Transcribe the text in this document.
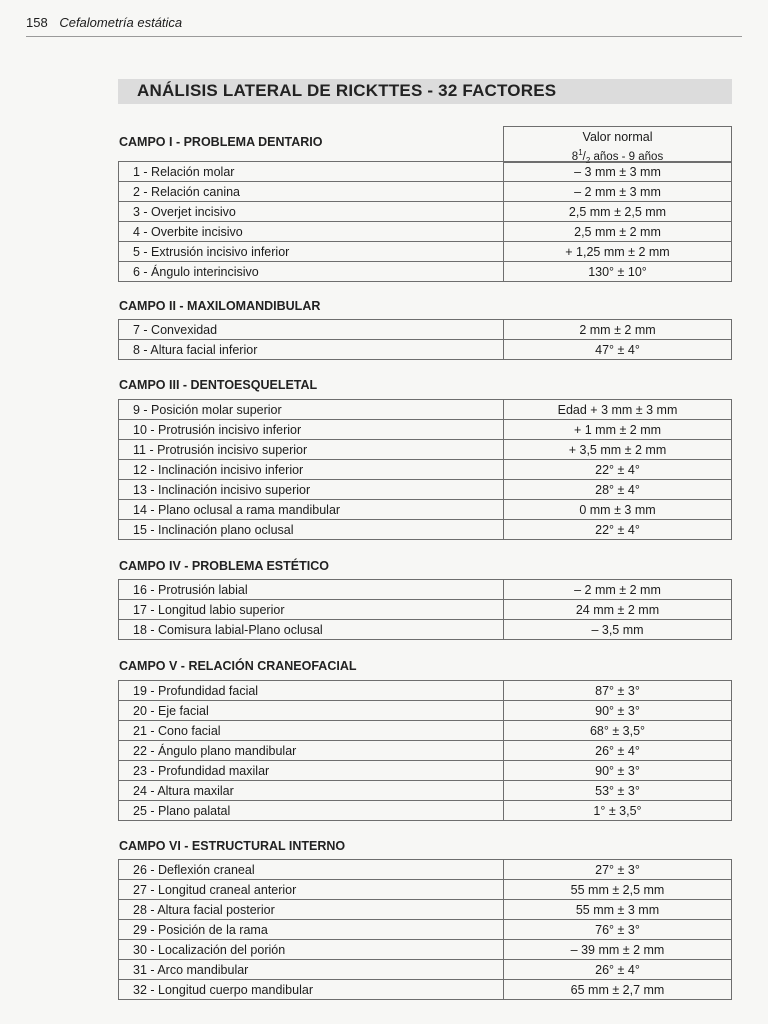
158 Cefalometría estática
ANÁLISIS LATERAL DE RICKTTES - 32 FACTORES
CAMPO I - PROBLEMA DENTARIO	Valor normal
$8^1/_2$ años - 9 años
1 - Relación molar	– 3 mm ± 3 mm
2 - Relación canina	– 2 mm ± 3 mm
3 - Overjet incisivo	2,5 mm ± 2,5 mm
4 - Overbite incisivo	2,5 mm ± 2 mm
5 - Extrusión incisivo inferior	+ 1,25 mm ± 2 mm
6 - Ángulo interincisivo	130° ± 10°
CAMPO II - MAXILOMANDIBULAR
7 - Convexidad	2 mm ± 2 mm
8 - Altura facial inferior	47° ± 4°
CAMPO III - DENTOESQUELETAL
9 - Posición molar superior	Edad + 3 mm ± 3 mm
10 - Protrusión incisivo inferior	+ 1 mm ± 2 mm
11 - Protrusión incisivo superior	+ 3,5 mm ± 2 mm
12 - Inclinación incisivo inferior	22° ± 4°
13 - Inclinación incisivo superior	28° ± 4°
14 - Plano oclusal a rama mandibular	0 mm ± 3 mm
15 - Inclinación plano oclusal	22° ± 4°
CAMPO IV - PROBLEMA ESTÉTICO
16 - Protrusión labial	– 2 mm ± 2 mm
17 - Longitud labio superior	24 mm ± 2 mm
18 - Comisura labial-Plano oclusal	– 3,5 mm
CAMPO V - RELACIÓN CRANEOFACIAL
19 - Profundidad facial	87° ± 3°
20 - Eje facial	90° ± 3°
21 - Cono facial	68° ± 3,5°
22 - Ángulo plano mandibular	26° ± 4°
23 - Profundidad maxilar	90° ± 3°
24 - Altura maxilar	53° ± 3°
25 - Plano palatal	1° ± 3,5°
CAMPO VI - ESTRUCTURAL INTERNO
26 - Deflexión craneal	27° ± 3°
27 - Longitud craneal anterior	55 mm ± 2,5 mm
28 - Altura facial posterior	55 mm ± 3 mm
29 - Posición de la rama	76° ± 3°
30 - Localización del porión	– 39 mm ± 2 mm
31 - Arco mandibular	26° ± 4°
32 - Longitud cuerpo mandibular	65 mm ± 2,7 mm
